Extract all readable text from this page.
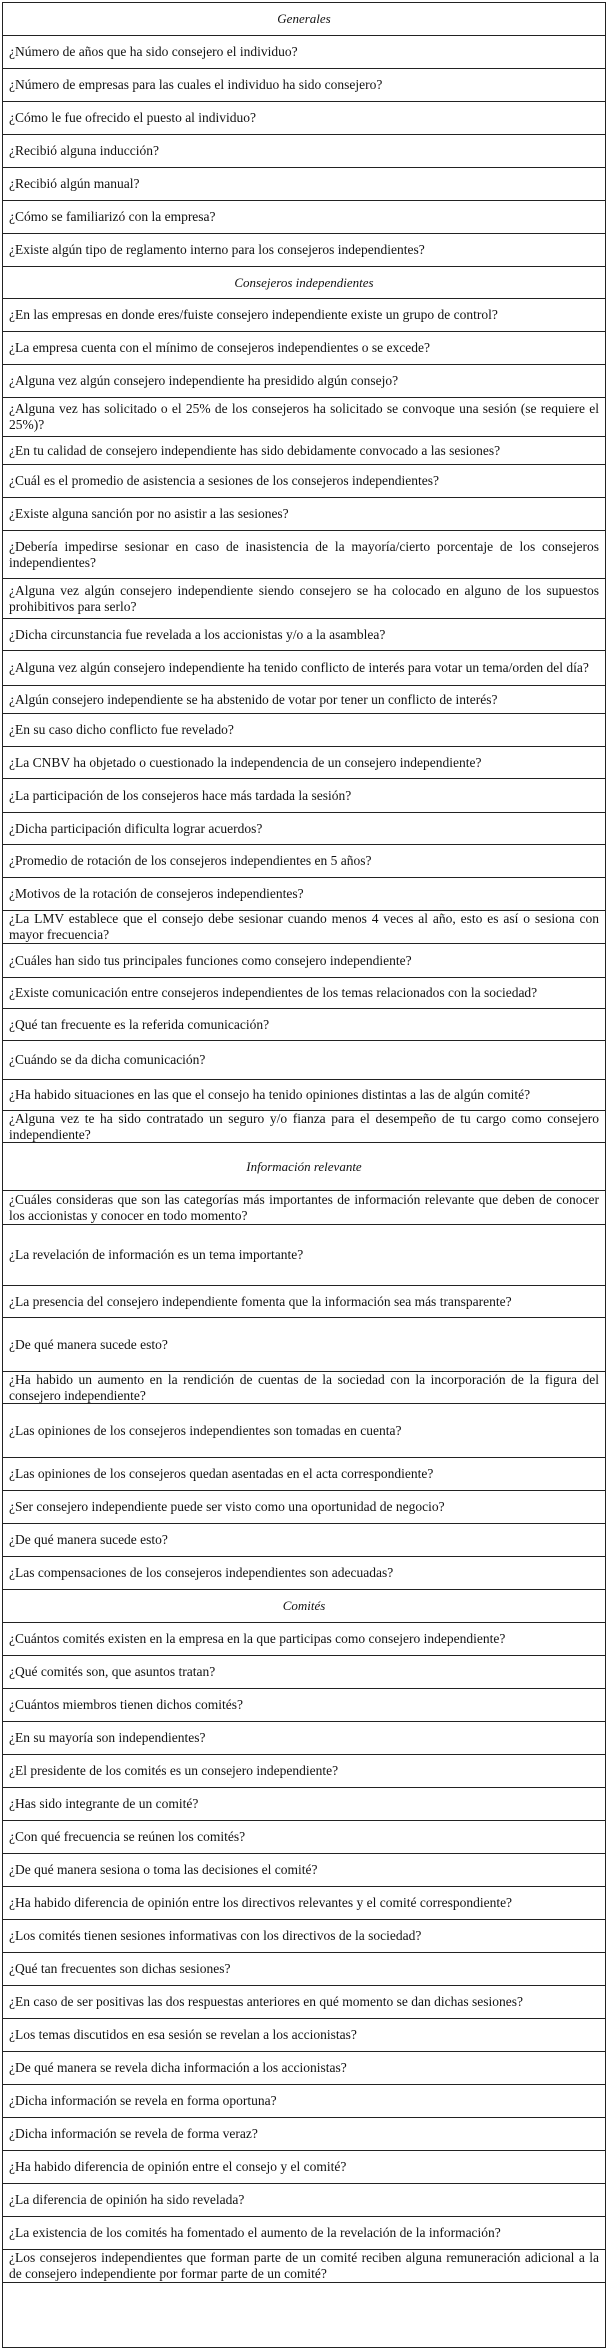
Generales
¿Número de años que ha sido consejero el individuo?
¿Número de empresas para las cuales el individuo ha sido consejero?
¿Cómo le fue ofrecido el puesto al individuo?
¿Recibió alguna inducción?
¿Recibió algún manual?
¿Cómo se familiarizó con la empresa?
¿Existe algún tipo de reglamento interno para los consejeros independientes?
Consejeros independientes
¿En las empresas en donde eres/fuiste consejero independiente existe un grupo de control?
¿La empresa cuenta con el mínimo de consejeros independientes o se excede?
¿Alguna vez algún consejero independiente ha presidido algún consejo?
¿Alguna vez has solicitado o el 25% de los consejeros ha solicitado se convoque una sesión (se requiere el 25%)?
¿En tu calidad de consejero independiente has sido debidamente convocado a las sesiones?
¿Cuál es el promedio de asistencia a sesiones de los consejeros independientes?
¿Existe alguna sanción por no asistir a las sesiones?
¿Debería impedirse sesionar en caso de inasistencia de la mayoría/cierto porcentaje de los consejeros independientes?
¿Alguna vez algún consejero independiente siendo consejero se ha colocado en alguno de los supuestos prohibitivos para serlo?
¿Dicha circunstancia fue revelada a los accionistas y/o a la asamblea?
¿Alguna vez algún consejero independiente ha tenido conflicto de interés para votar un tema/orden del día?
¿Algún consejero independiente se ha abstenido de votar por tener un conflicto de interés?
¿En su caso dicho conflicto fue revelado?
¿La CNBV ha objetado o cuestionado la independencia de un consejero independiente?
¿La participación de los consejeros hace más tardada la sesión?
¿Dicha participación dificulta lograr acuerdos?
¿Promedio de rotación de los consejeros independientes en 5 años?
¿Motivos de la rotación de consejeros independientes?
¿La LMV establece que el consejo debe sesionar cuando menos 4 veces al año, esto es así o sesiona con mayor frecuencia?
¿Cuáles han sido tus principales funciones como consejero independiente?
¿Existe comunicación entre consejeros independientes de los temas relacionados con la sociedad?
¿Qué tan frecuente es la referida comunicación?
¿Cuándo se da dicha comunicación?
¿Ha habido situaciones en las que el consejo ha tenido opiniones distintas a las de algún comité?
¿Alguna vez te ha sido contratado un seguro y/o fianza para el desempeño de tu cargo como consejero independiente?
Información relevante
¿Cuáles consideras que son las categorías más importantes de información relevante que deben de conocer los accionistas y conocer en todo momento?
¿La revelación de información es un tema importante?
¿La presencia del consejero independiente fomenta que la información sea más transparente?
¿De qué manera sucede esto?
¿Ha habido un aumento en la rendición de cuentas de la sociedad con la incorporación de la figura del consejero independiente?
¿Las opiniones de los consejeros independientes son tomadas en cuenta?
¿Las opiniones de los consejeros quedan asentadas en el acta correspondiente?
¿Ser consejero independiente puede ser visto como una oportunidad de negocio?
¿De qué manera sucede esto?
¿Las compensaciones de los consejeros independientes son adecuadas?
Comités
¿Cuántos comités existen en la empresa en la que participas como consejero independiente?
¿Qué comités son, que asuntos tratan?
¿Cuántos miembros tienen dichos comités?
¿En su mayoría son independientes?
¿El presidente de los comités es un consejero independiente?
¿Has sido integrante de un comité?
¿Con qué frecuencia se reúnen los comités?
¿De qué manera sesiona o toma las decisiones el comité?
¿Ha habido diferencia de opinión entre los directivos relevantes y el comité correspondiente?
¿Los comités tienen sesiones informativas con los directivos de la sociedad?
¿Qué tan frecuentes son dichas sesiones?
¿En caso de ser positivas las dos respuestas anteriores en qué momento se dan dichas sesiones?
¿Los temas discutidos en esa sesión se revelan a los accionistas?
¿De qué manera se revela dicha información a los accionistas?
¿Dicha información se revela en forma oportuna?
¿Dicha información se revela de forma veraz?
¿Ha habido diferencia de opinión entre el consejo y el comité?
¿La diferencia de opinión ha sido revelada?
¿La existencia de los comités ha fomentado el aumento de la revelación de la información?
¿Los consejeros independientes que forman parte de un comité reciben alguna remuneración adicional a la de consejero independiente por formar parte de un comité?
